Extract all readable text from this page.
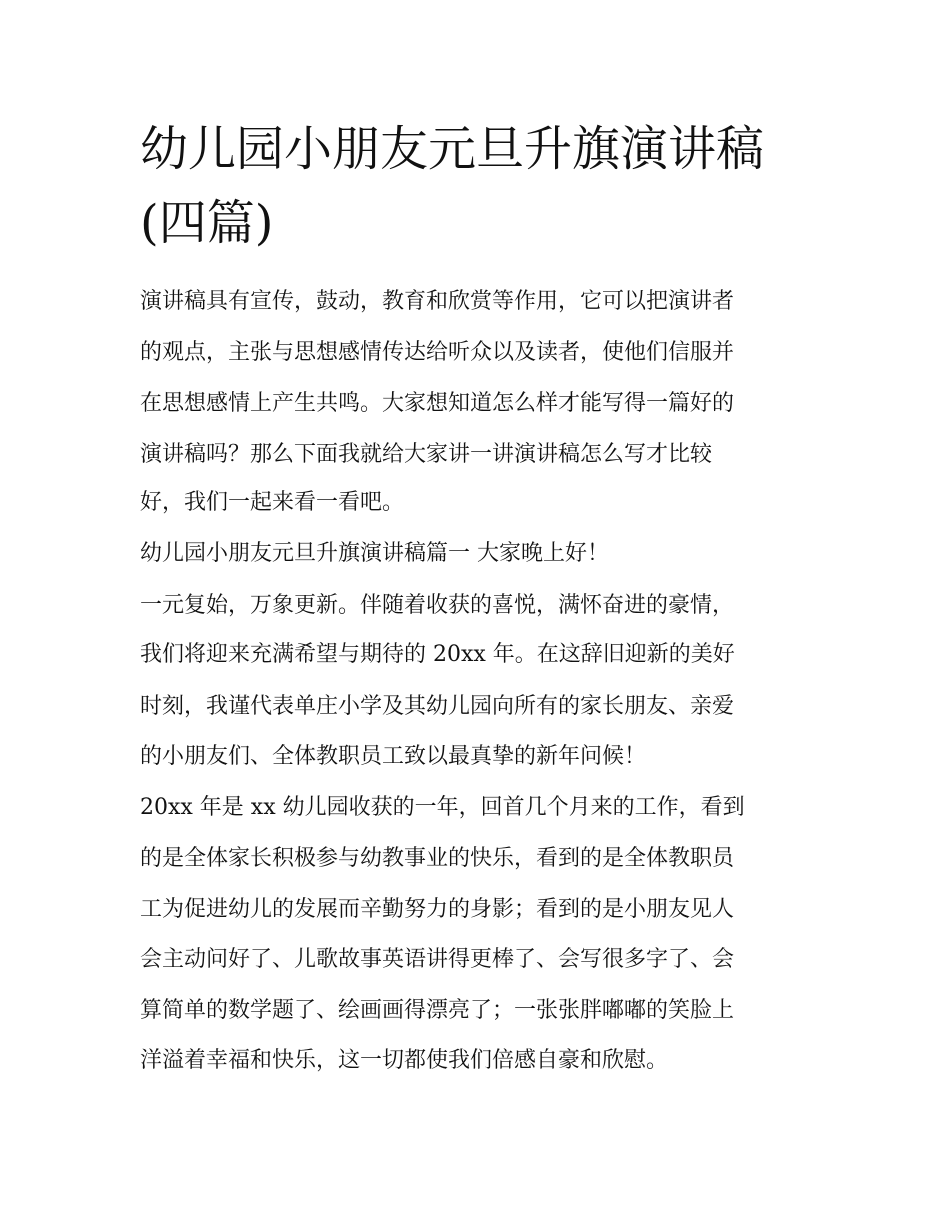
幼儿园小朋友元旦升旗演讲稿
(四篇)

演讲稿具有宣传，鼓动，教育和欣赏等作用，它可以把演讲者

的观点，主张与思想感情传达给听众以及读者，使他们信服并

在思想感情上产生共鸣。大家想知道怎么样才能写得一篇好的

演讲稿吗？那么下面我就给大家讲一讲演讲稿怎么写才比较

好，我们一起来看一看吧。

幼儿园小朋友元旦升旗演讲稿篇一 大家晚上好！

一元复始，万象更新。伴随着收获的喜悦，满怀奋进的豪情，

我们将迎来充满希望与期待的 20xx 年。在这辞旧迎新的美好

时刻，我谨代表单庄小学及其幼儿园向所有的家长朋友、亲爱

的小朋友们、全体教职员工致以最真挚的新年问候！

20xx 年是 xx 幼儿园收获的一年，回首几个月来的工作，看到

的是全体家长积极参与幼教事业的快乐，看到的是全体教职员

工为促进幼儿的发展而辛勤努力的身影；看到的是小朋友见人

会主动问好了、儿歌故事英语讲得更棒了、会写很多字了、会

算简单的数学题了、绘画画得漂亮了；一张张胖嘟嘟的笑脸上

洋溢着幸福和快乐，这一切都使我们倍感自豪和欣慰。
